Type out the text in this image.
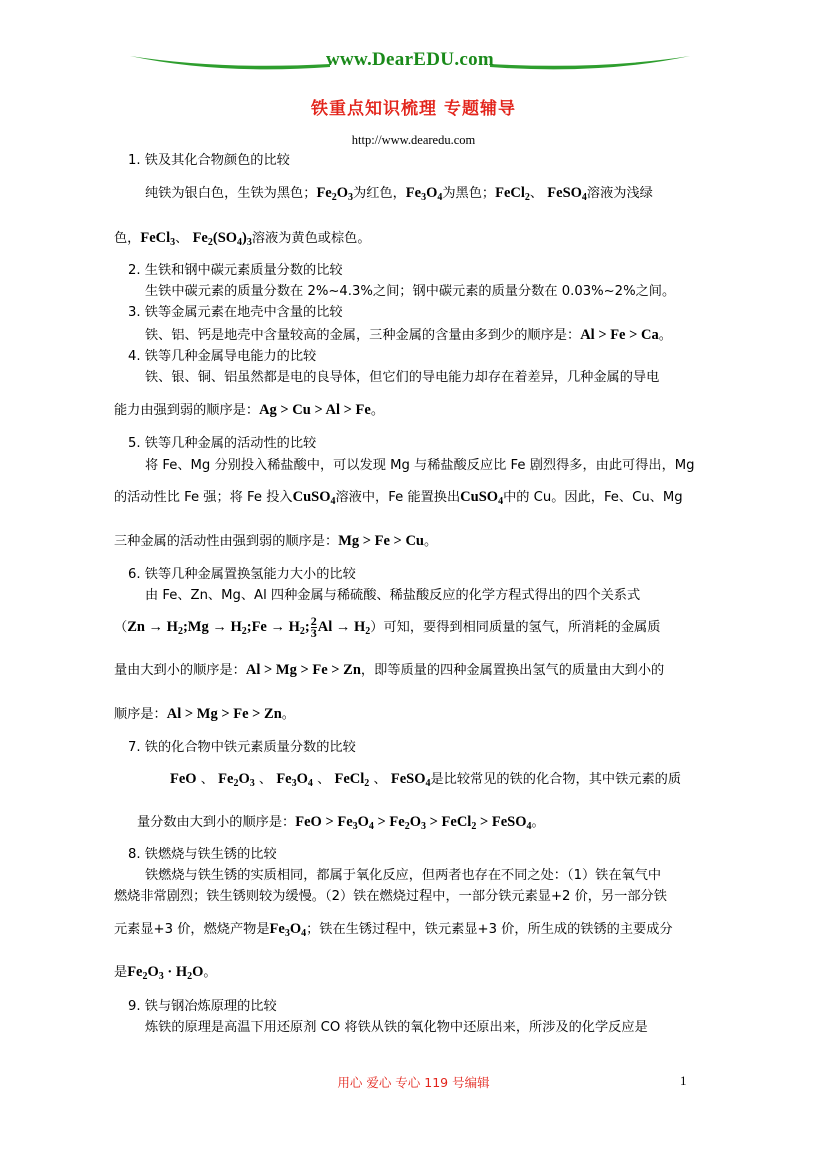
www.DearEDU.com
铁重点知识梳理 专题辅导
http://www.dearedu.com
1. 铁及其化合物颜色的比较
纯铁为银白色，生铁为黑色；$Fe_2O_3$为红色，$Fe_3O_4$为黑色；FeCl$_2$、 FeSO$_4$溶液为浅绿
色，FeCl$_3$、 $Fe_2(SO_4)_3$溶液为黄色或棕色。
2. 生铁和钢中碳元素质量分数的比较
生铁中碳元素的质量分数在 2%~4.3%之间；钢中碳元素的质量分数在 0.03%~2%之间。
3. 铁等金属元素在地壳中含量的比较
铁、铝、钙是地壳中含量较高的金属，三种金属的含量由多到少的顺序是：Al > Fe > Ca。
4. 铁等几种金属导电能力的比较
铁、银、铜、铝虽然都是电的良导体，但它们的导电能力却存在着差异，几种金属的导电
能力由强到弱的顺序是：Ag > Cu > Al > Fe。
5. 铁等几种金属的活动性的比较
将 Fe、Mg 分别投入稀盐酸中，可以发现 Mg 与稀盐酸反应比 Fe 剧烈得多，由此可得出，Mg
的活动性比 Fe 强；将 Fe 投入CuSO$_4$溶液中，Fe 能置换出CuSO$_4$中的 Cu。因此，Fe、Cu、Mg
三种金属的活动性由强到弱的顺序是：Mg > Fe > Cu。
6. 铁等几种金属置换氢能力大小的比较
由 Fe、Zn、Mg、Al 四种金属与稀硫酸、稀盐酸反应的化学方程式得出的四个关系式
（$Zn \to H_2;Mg$ → $H_2;Fe \to H_2$; $\frac{2}{3}$ $Al \to H_2$）可知，要得到相同质量的氢气，所消耗的金属质
量由大到小的顺序是：Al > Mg > Fe > Zn，即等质量的四种金属置换出氢气的质量由大到小的
顺序是：Al > Mg > Fe > Zn。
7. 铁的化合物中铁元素质量分数的比较
FeO 、 $Fe_2O_3$ 、 $Fe_3O_4$ 、 FeCl$_2$ 、 FeSO$_4$是比较常见的铁的化合物，其中铁元素的质
量分数由大到小的顺序是：FeO > $Fe_3O_4 > Fe_2O_3$ > FeCl$_2$ > FeSO$_4$。
8. 铁燃烧与铁生锈的比较
铁燃烧与铁生锈的实质相同，都属于氧化反应，但两者也存在不同之处：（1）铁在氧气中
燃烧非常剧烈；铁生锈则较为缓慢。（2）铁在燃烧过程中，一部分铁元素显+2 价，另一部分铁
元素显+3 价，燃烧产物是$Fe_3O_4$；铁在生锈过程中，铁元素显+3 价，所生成的铁锈的主要成分
是$Fe_2O_3 \cdot H_2O$。
9. 铁与钢冶炼原理的比较
炼铁的原理是高温下用还原剂 CO 将铁从铁的氧化物中还原出来，所涉及的化学反应是
用心 爱心 专心 119 号编辑	1
